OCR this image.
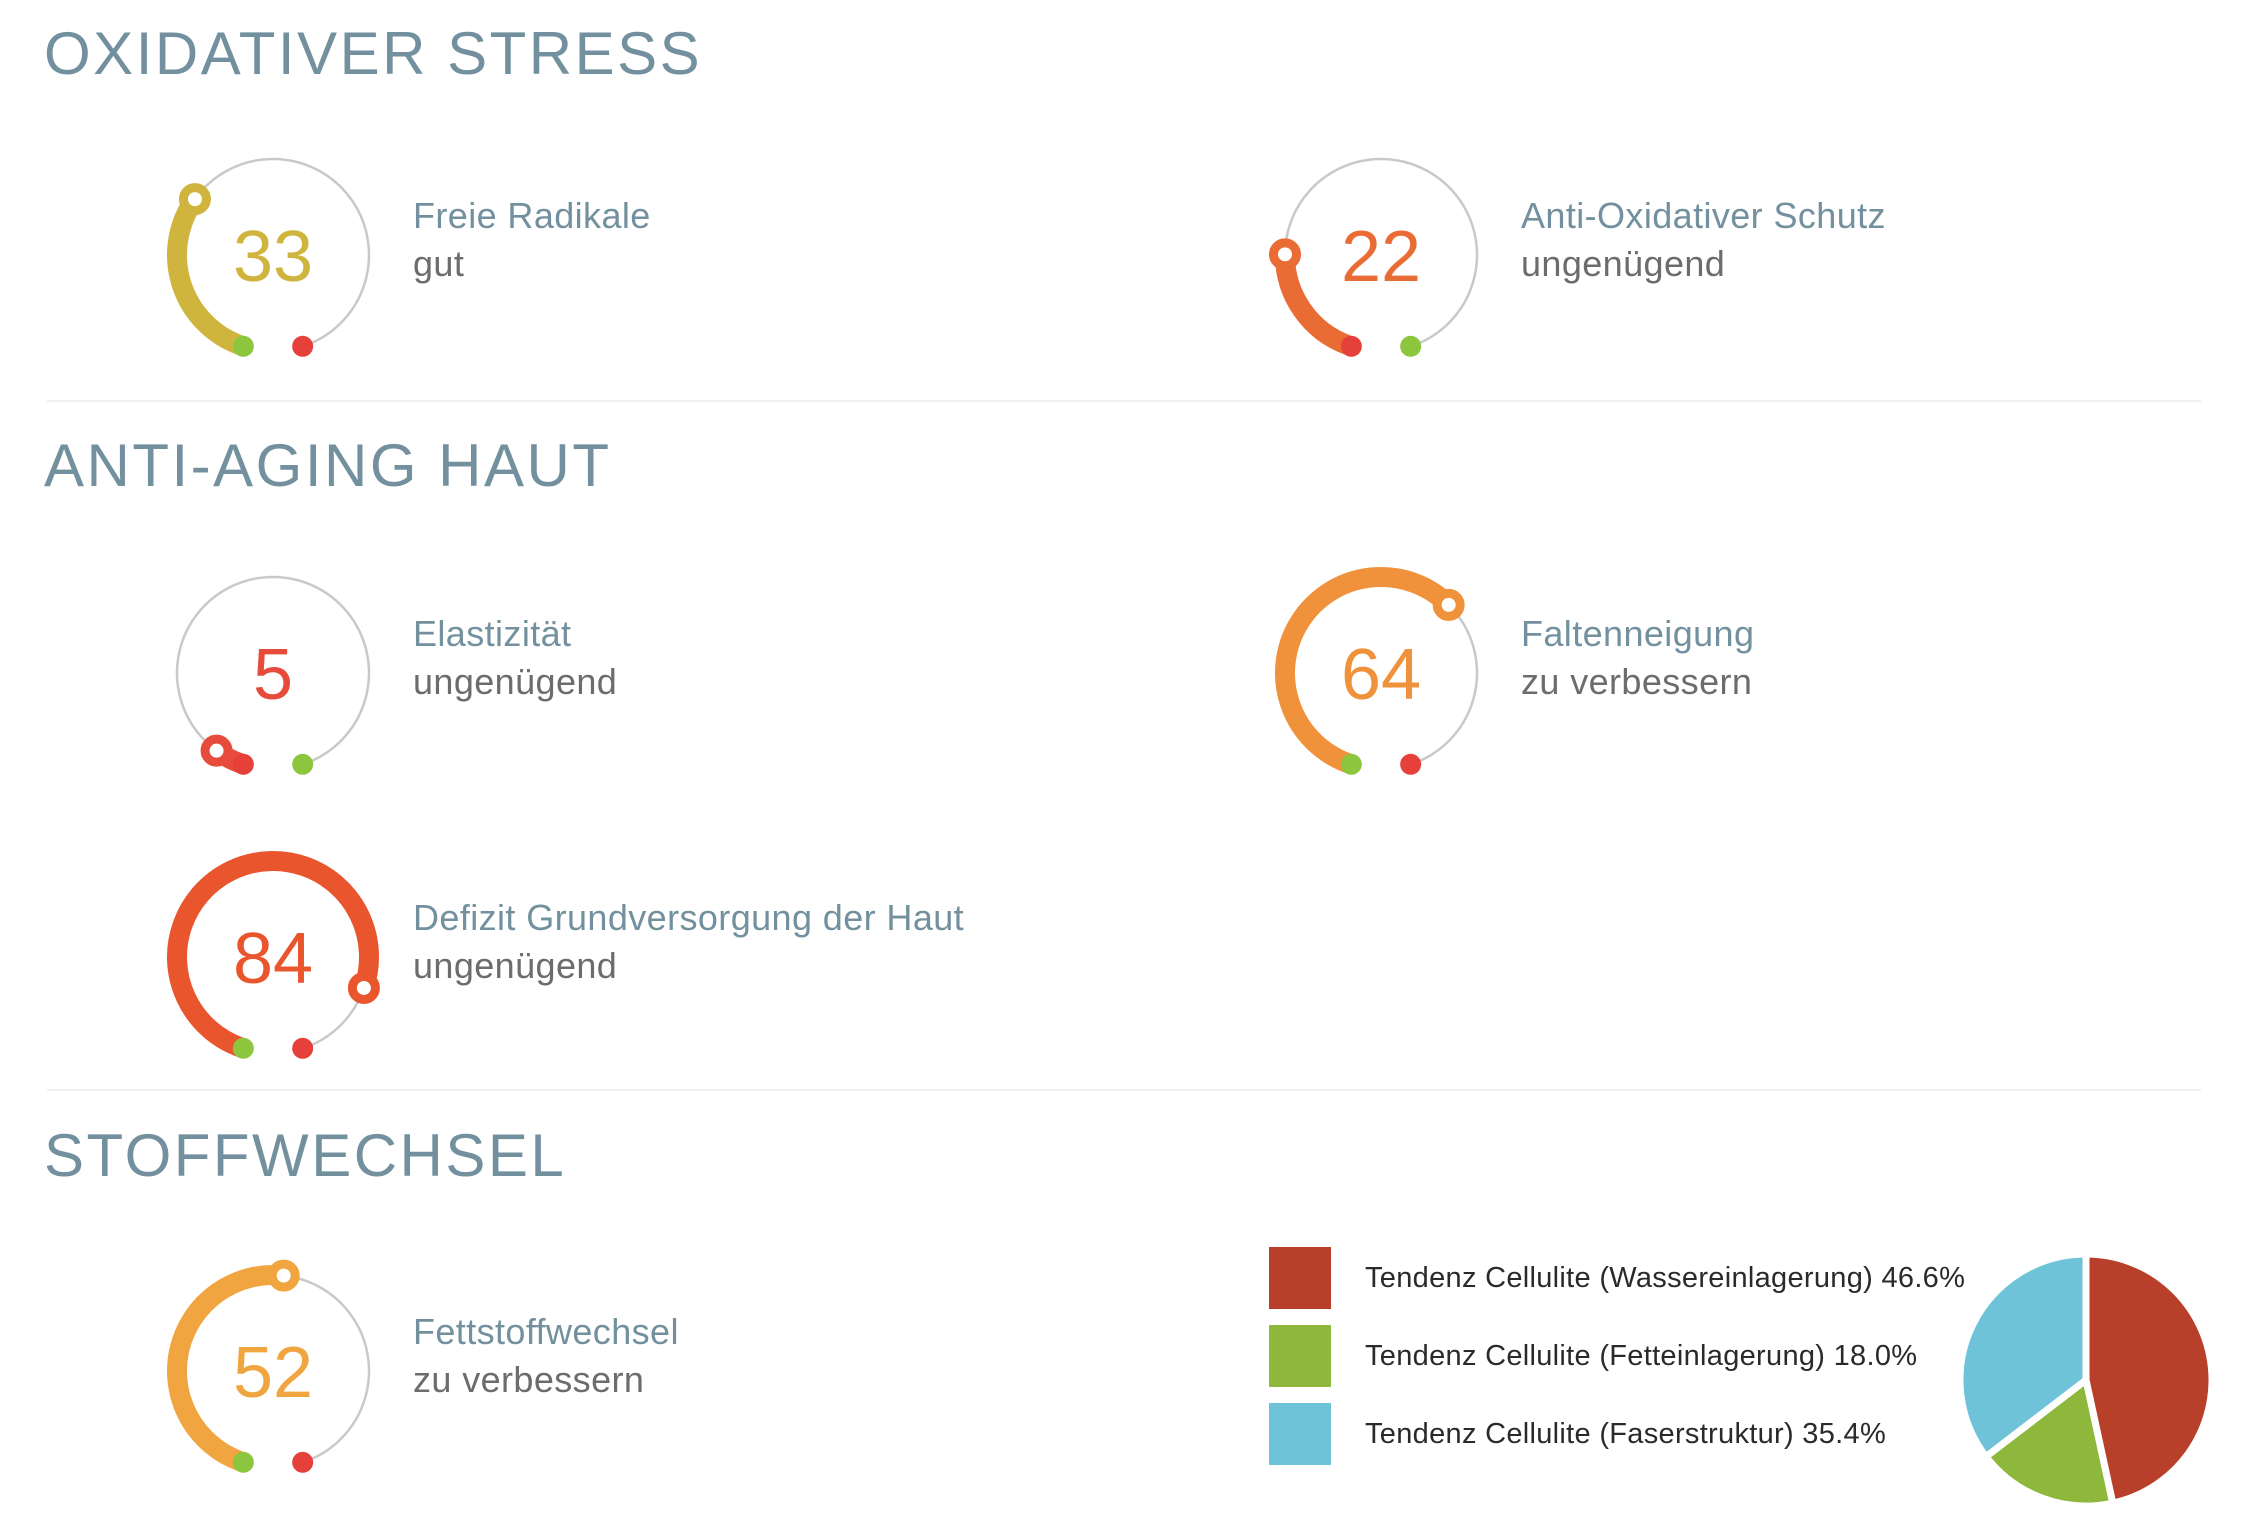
OXIDATIVER STRESS
33
Freie Radikale
gut	22
Anti-Oxidativer Schutz
ungenügend
ANTI-AGING HAUT
5
Elastizität
ungenügend	64
Faltenneigung
zu verbessern
84
Defizit Grundversorgung der Haut
ungenügend
STOFFWECHSEL
52
Fettstoffwechsel
zu verbessern
Tendenz Cellulite (Wassereinlagerung) 46.6%
Tendenz Cellulite (Fetteinlagerung) 18.0%
Tendenz Cellulite (Faserstruktur) 35.4%
